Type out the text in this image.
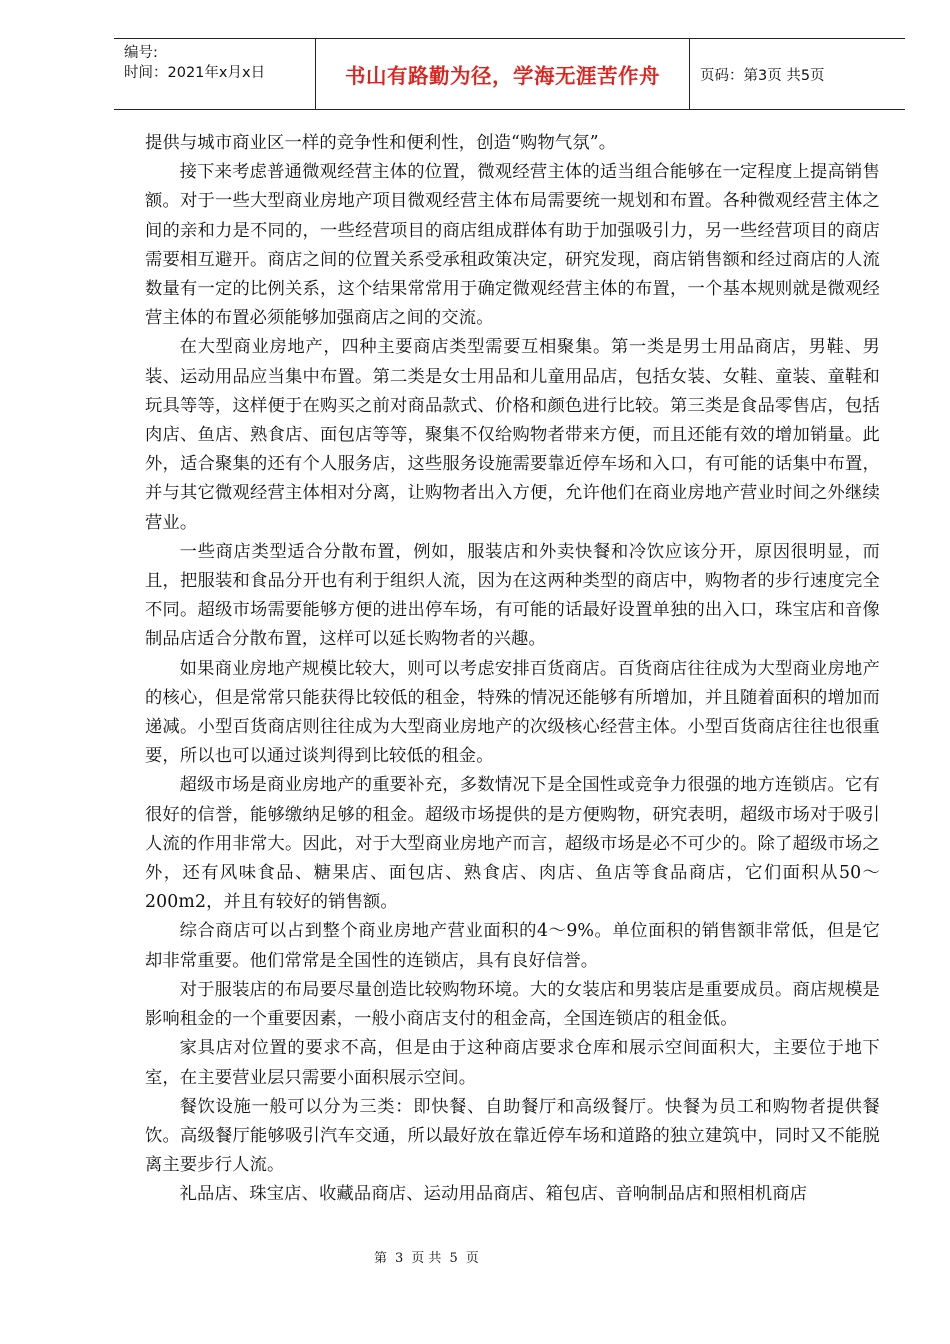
编号:
时间：2021年x月x日	书山有路勤为径，学海无涯苦作舟	页码：第3页 共5页

提供与城市商业区一样的竞争性和便利性，创造“购物气氛”。

接下来考虑普通微观经营主体的位置，微观经营主体的适当组合能够在一定程度上提高销售额。对于一些大型商业房地产项目微观经营主体布局需要统一规划和布置。各种微观经营主体之间的亲和力是不同的，一些经营项目的商店组成群体有助于加强吸引力，另一些经营项目的商店需要相互避开。商店之间的位置关系受承租政策决定，研究发现，商店销售额和经过商店的人流数量有一定的比例关系，这个结果常常用于确定微观经营主体的布置，一个基本规则就是微观经营主体的布置必须能够加强商店之间的交流。

在大型商业房地产，四种主要商店类型需要互相聚集。第一类是男士用品商店，男鞋、男装、运动用品应当集中布置。第二类是女士用品和儿童用品店，包括女装、女鞋、童装、童鞋和玩具等等，这样便于在购买之前对商品款式、价格和颜色进行比较。第三类是食品零售店，包括肉店、鱼店、熟食店、面包店等等，聚集不仅给购物者带来方便，而且还能有效的增加销量。此外，适合聚集的还有个人服务店，这些服务设施需要靠近停车场和入口，有可能的话集中布置，并与其它微观经营主体相对分离，让购物者出入方便，允许他们在商业房地产营业时间之外继续营业。

一些商店类型适合分散布置，例如，服装店和外卖快餐和冷饮应该分开，原因很明显，而且，把服装和食品分开也有利于组织人流，因为在这两种类型的商店中，购物者的步行速度完全不同。超级市场需要能够方便的进出停车场，有可能的话最好设置单独的出入口，珠宝店和音像制品店适合分散布置，这样可以延长购物者的兴趣。

如果商业房地产规模比较大，则可以考虑安排百货商店。百货商店往往成为大型商业房地产的核心，但是常常只能获得比较低的租金，特殊的情况还能够有所增加，并且随着面积的增加而递减。小型百货商店则往往成为大型商业房地产的次级核心经营主体。小型百货商店往往也很重要，所以也可以通过谈判得到比较低的租金。

超级市场是商业房地产的重要补充，多数情况下是全国性或竞争力很强的地方连锁店。它有很好的信誉，能够缴纳足够的租金。超级市场提供的是方便购物，研究表明，超级市场对于吸引人流的作用非常大。因此，对于大型商业房地产而言，超级市场是必不可少的。除了超级市场之外，还有风味食品、糖果店、面包店、熟食店、肉店、鱼店等食品商店，它们面积从50～200m2，并且有较好的销售额。

综合商店可以占到整个商业房地产营业面积的4～9%。单位面积的销售额非常低，但是它却非常重要。他们常常是全国性的连锁店，具有良好信誉。

对于服装店的布局要尽量创造比较购物环境。大的女装店和男装店是重要成员。商店规模是影响租金的一个重要因素，一般小商店支付的租金高，全国连锁店的租金低。

家具店对位置的要求不高，但是由于这种商店要求仓库和展示空间面积大，主要位于地下室，在主要营业层只需要小面积展示空间。

餐饮设施一般可以分为三类：即快餐、自助餐厅和高级餐厅。快餐为员工和购物者提供餐饮。高级餐厅能够吸引汽车交通，所以最好放在靠近停车场和道路的独立建筑中，同时又不能脱离主要步行人流。

礼品店、珠宝店、收藏品商店、运动用品商店、箱包店、音响制品店和照相机商店

第 3 页 共 5 页
